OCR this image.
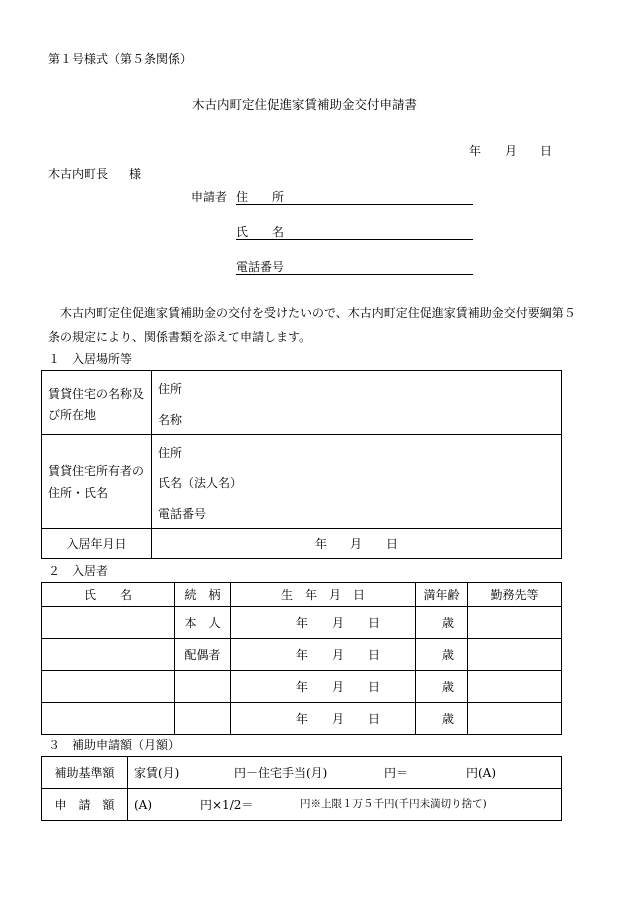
第１号様式（第５条関係）
木古内町定住促進家賃補助金交付申請書
年 月 日
木古内町長 様
申請者 住　　所
氏　　名
電話番号
木古内町定住促進家賃補助金の交付を受けたいので、木古内町定住促進家賃補助金交付要綱第５
条の規定により、関係書類を添えて申請します。
１　入居場所等
賃貸住宅の名称及
び所在地	住所
名称

賃貸住宅所有者の
住所・氏名	住所
氏名（法人名）
電話番号

入居年月日	年 月 日
２　入居者
氏　　名	続　柄	生　年　月　日	満年齢	勤務先等
	本　人	年 月 日	歳	

	配偶者	年 月 日	歳	

		年 月 日	歳	

		年 月 日	歳	

３　補助申請額（月額）
補助基準額	家賃(月) 円－住宅手当(月) 円＝ 円(A)

申　請　額	(A) 円×1/2＝ 円※上限１万５千円(千円未満切り捨て)
